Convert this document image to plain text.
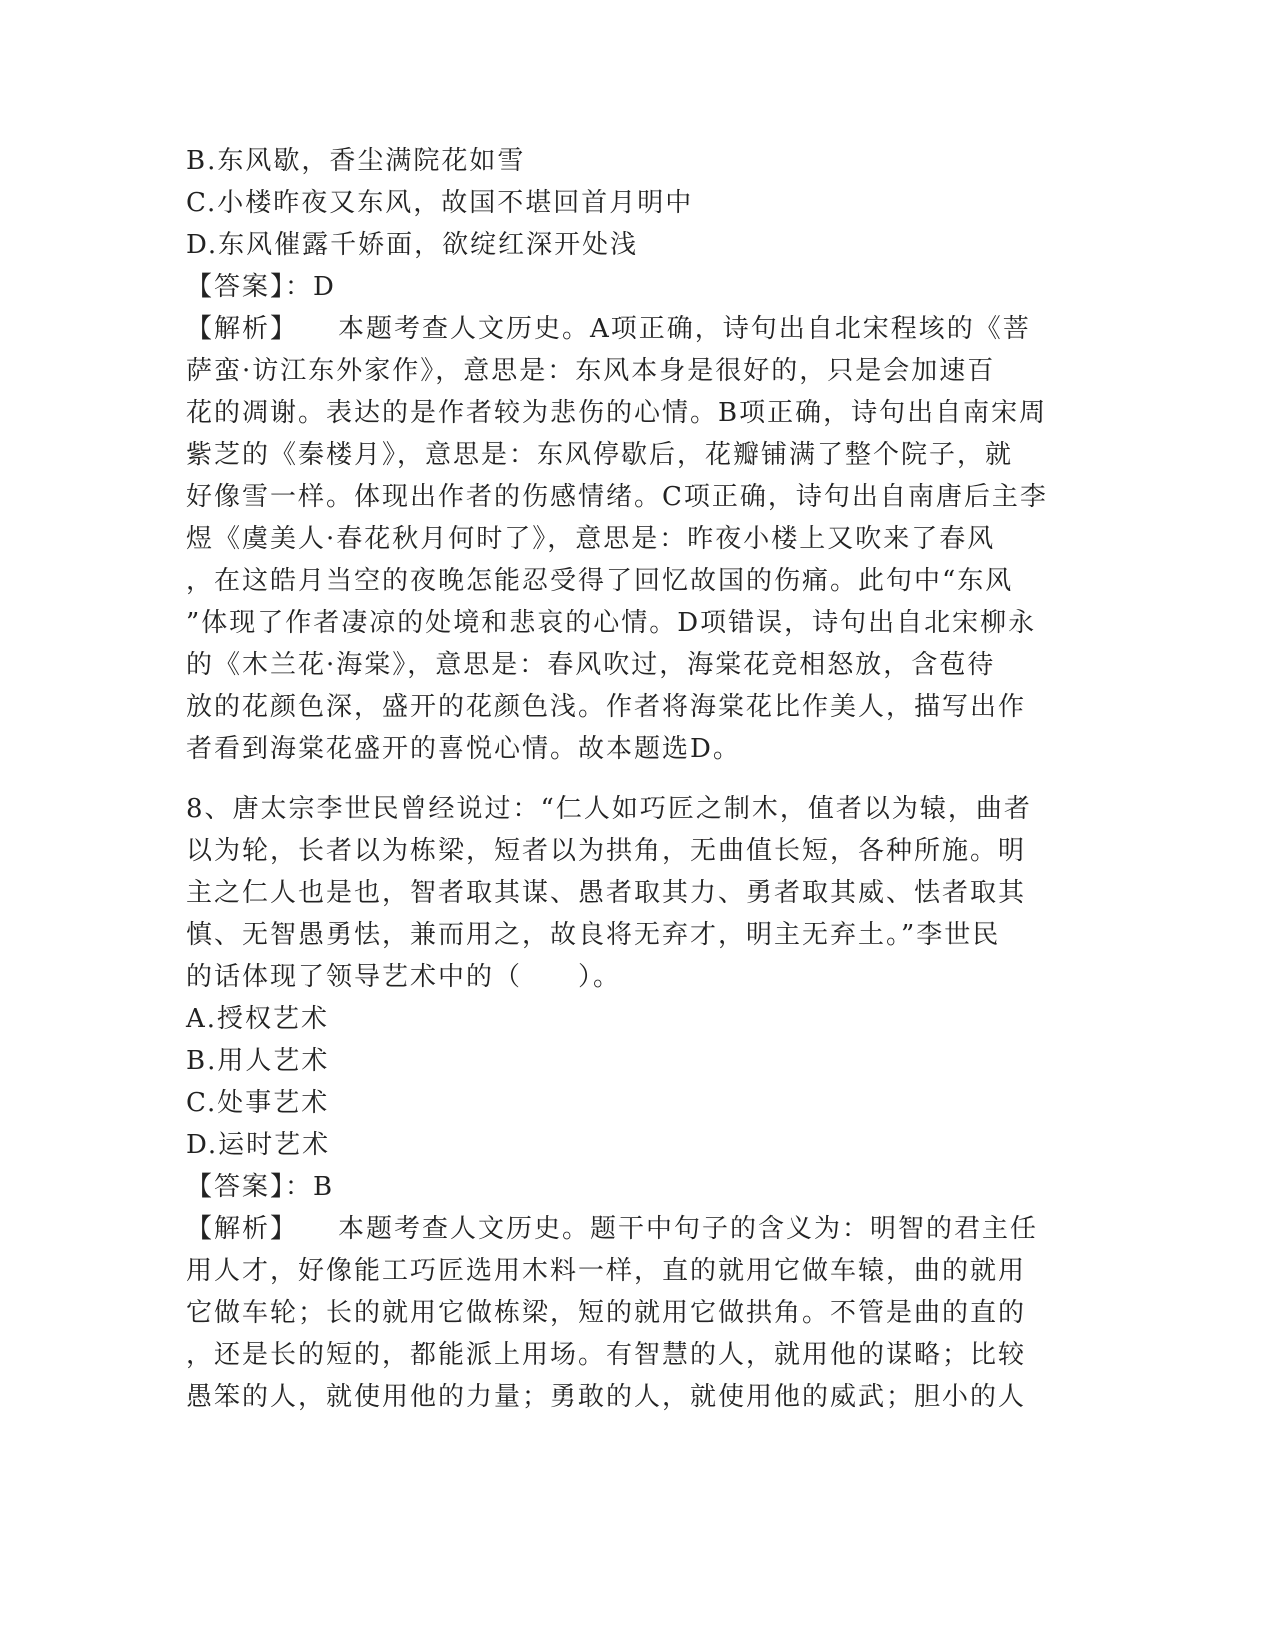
B.东风歇，香尘满院花如雪
C.小楼昨夜又东风，故国不堪回首月明中
D.东风催露千娇面，欲绽红深开处浅
【答案】：D
【解析】 本题考查人文历史。A项正确，诗句出自北宋程垓的《菩
萨蛮·访江东外家作》，意思是：东风本身是很好的，只是会加速百
花的凋谢。表达的是作者较为悲伤的心情。B项正确，诗句出自南宋周
紫芝的《秦楼月》，意思是：东风停歇后，花瓣铺满了整个院子，就
好像雪一样。体现出作者的伤感情绪。C项正确，诗句出自南唐后主李
煜《虞美人·春花秋月何时了》，意思是：昨夜小楼上又吹来了春风
，在这皓月当空的夜晚怎能忍受得了回忆故国的伤痛。此句中“东风
”体现了作者凄凉的处境和悲哀的心情。D项错误，诗句出自北宋柳永
的《木兰花·海棠》，意思是：春风吹过，海棠花竞相怒放，含苞待
放的花颜色深，盛开的花颜色浅。作者将海棠花比作美人，描写出作
者看到海棠花盛开的喜悦心情。故本题选D。
8、唐太宗李世民曾经说过：“仁人如巧匠之制木，值者以为辕，曲者
以为轮，长者以为栋梁，短者以为拱角，无曲值长短，各种所施。明
主之仁人也是也，智者取其谋、愚者取其力、勇者取其威、怯者取其
慎、无智愚勇怯，兼而用之，故良将无弃才，明主无弃土。”李世民
的话体现了领导艺术中的（　　）。
A.授权艺术
B.用人艺术
C.处事艺术
D.运时艺术
【答案】：B
【解析】 本题考查人文历史。题干中句子的含义为：明智的君主任
用人才，好像能工巧匠选用木料一样，直的就用它做车辕，曲的就用
它做车轮；长的就用它做栋梁，短的就用它做拱角。不管是曲的直的
，还是长的短的，都能派上用场。有智慧的人，就用他的谋略；比较
愚笨的人，就使用他的力量；勇敢的人，就使用他的威武；胆小的人
